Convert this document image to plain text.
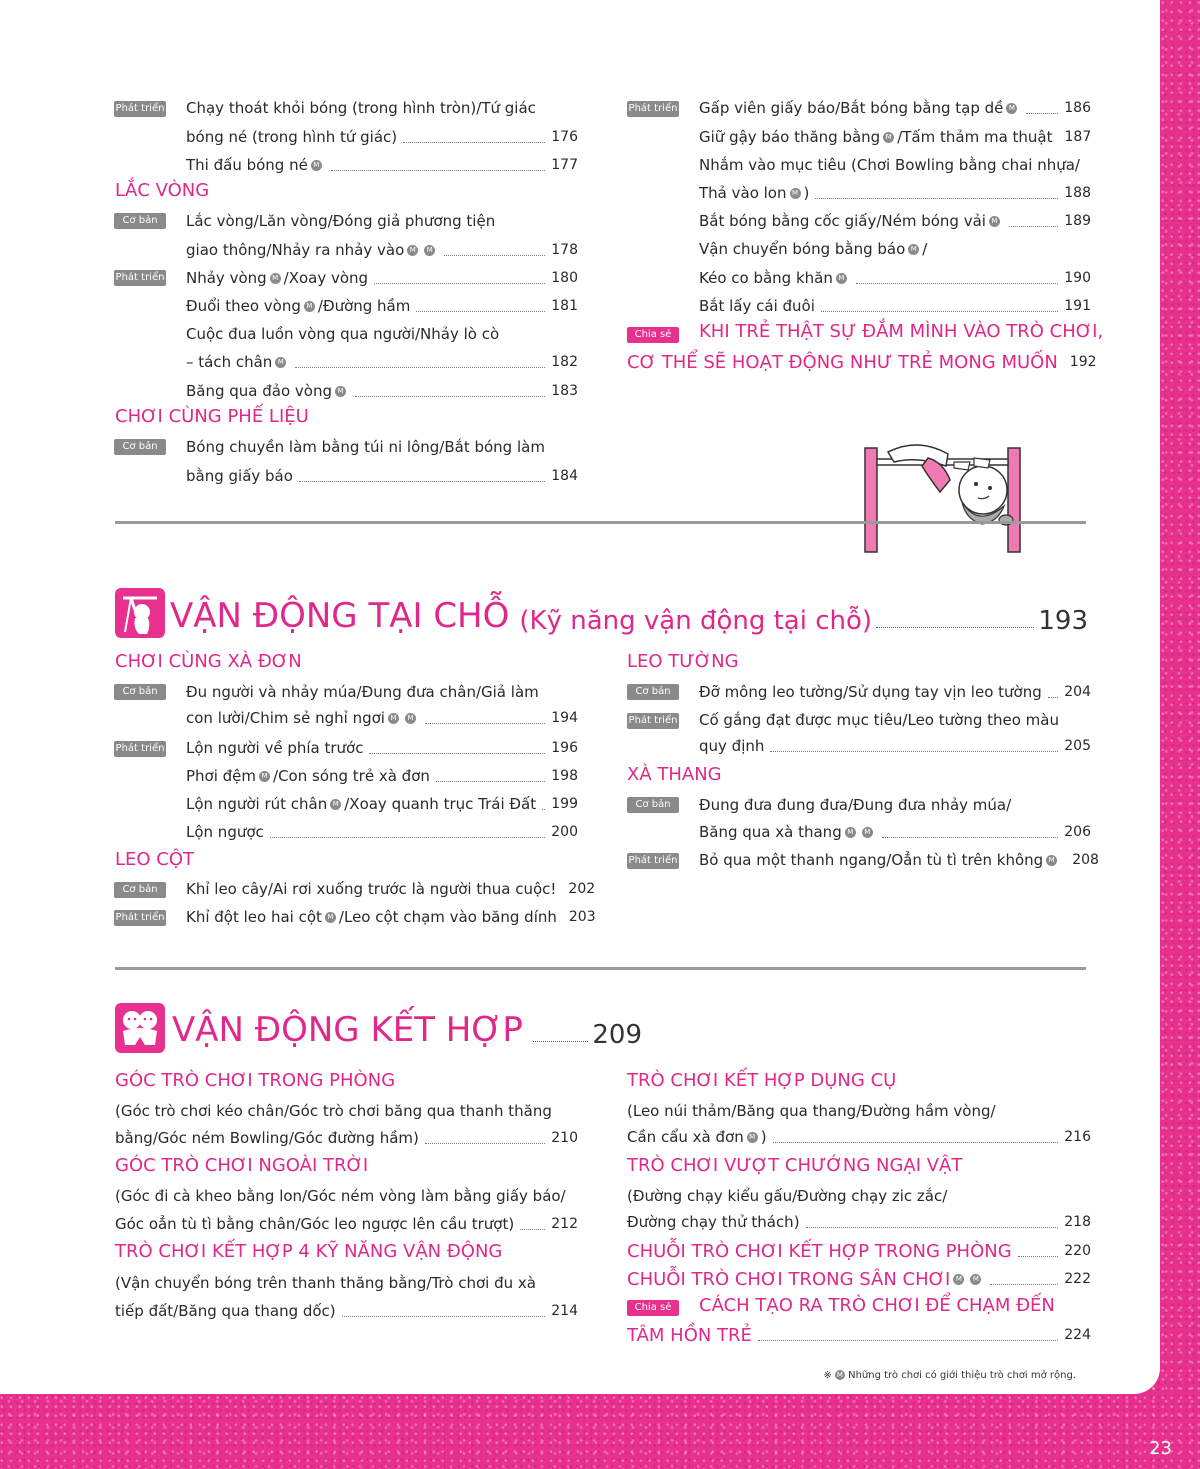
Phát triển Chạy thoát khỏi bóng (trong hình tròn)/Tứ giác
bóng né (trong hình tứ giác)	176
Thi đấu bóng né M	177
LẮC VÒNG
Cơ bản	Lắc vòng/Lăn vòng/Đóng giả phương tiện
giao thông/Nhảy ra nhảy vào M M	178
Phát triển Nhảy vòng M /Xoay vòng	180
Đuổi theo vòng M /Đường hầm	181
Cuộc đua luồn vòng qua người/Nhảy lò cò
– tách chân M	182
Băng qua đảo vòng M	183
CHƠI CÙNG PHẾ LIỆU
Cơ bản	Bóng chuyền làm bằng túi ni lông/Bắt bóng làm
bằng giấy báo	184
Phát triển Gấp viên giấy báo/Bắt bóng bằng tạp dề M	186
Giữ gậy báo thăng bằng M /Tấm thảm ma thuật 187
Nhắm vào mục tiêu (Chơi Bowling bằng chai nhựa/
Thả vào lon M )	188
Bắt bóng bằng cốc giấy/Ném bóng vải M	189
Vận chuyển bóng bằng báo M /
Kéo co bằng khăn M	190
Bắt lấy cái đuôi	191
Chia sẻ	KHI TRẺ THẬT SỰ ĐẮM MÌNH VÀO TRÒ CHƠI,
CƠ THỂ SẼ HOẠT ĐỘNG NHƯ TRẺ MONG MUỐN 192
VẬN ĐỘNG TẠI CHỖ (Kỹ năng vận động tại chỗ)	193
CHƠI CÙNG XÀ ĐƠN
Cơ bản	Đu người và nhảy múa/Đung đưa chân/Giả làm
con lười/Chim sẻ nghỉ ngơi M M	194
Phát triển Lộn người về phía trước	196
Phơi đệm M /Con sóng trẻ xà đơn	198
Lộn người rút chân M /Xoay quanh trục Trái Đất 199
Lộn ngược	200
LEO CỘT
Cơ bản	Khỉ leo cây/Ai rơi xuống trước là người thua cuộc! 202
Phát triển Khỉ đột leo hai cột M /Leo cột chạm vào băng dính 203
LEO TƯỜNG
Cơ bản	Đỡ mông leo tường/Sử dụng tay vịn leo tường 204
Phát triển Cố gắng đạt được mục tiêu/Leo tường theo màu
quy định	205
XÀ THANG
Cơ bản	Đung đưa đung đưa/Đung đưa nhảy múa/
Băng qua xà thang M M	206
Phát triển Bỏ qua một thanh ngang/Oẳn tù tì trên không M	208
VẬN ĐỘNG KẾT HỢP	209
GÓC TRÒ CHƠI TRONG PHÒNG
(Góc trò chơi kéo chân/Góc trò chơi băng qua thanh thăng
bằng/Góc ném Bowling/Góc đường hầm)	210
GÓC TRÒ CHƠI NGOÀI TRỜI
(Góc đi cà kheo bằng lon/Góc ném vòng làm bằng giấy báo/
Góc oẳn tù tì bằng chân/Góc leo ngược lên cầu trượt)	212
TRÒ CHƠI KẾT HỢP 4 KỸ NĂNG VẬN ĐỘNG
(Vận chuyển bóng trên thanh thăng bằng/Trò chơi đu xà
tiếp đất/Băng qua thang dốc)	214
TRÒ CHƠI KẾT HỢP DỤNG CỤ
(Leo núi thảm/Băng qua thang/Đường hầm vòng/
Cần cẩu xà đơn M )	216
TRÒ CHƠI VƯỢT CHƯỚNG NGẠI VẬT
(Đường chạy kiểu gấu/Đường chạy zic zắc/
Đường chạy thử thách)	218
CHUỖI TRÒ CHƠI KẾT HỢP TRONG PHÒNG	220
CHUỖI TRÒ CHƠI TRONG SÂN CHƠI M M	222
Chia sẻ	CÁCH TẠO RA TRÒ CHƠI ĐỂ CHẠM ĐẾN
TÂM HỒN TRẺ	224
※ M Những trò chơi có giới thiệu trò chơi mở rộng.
23
